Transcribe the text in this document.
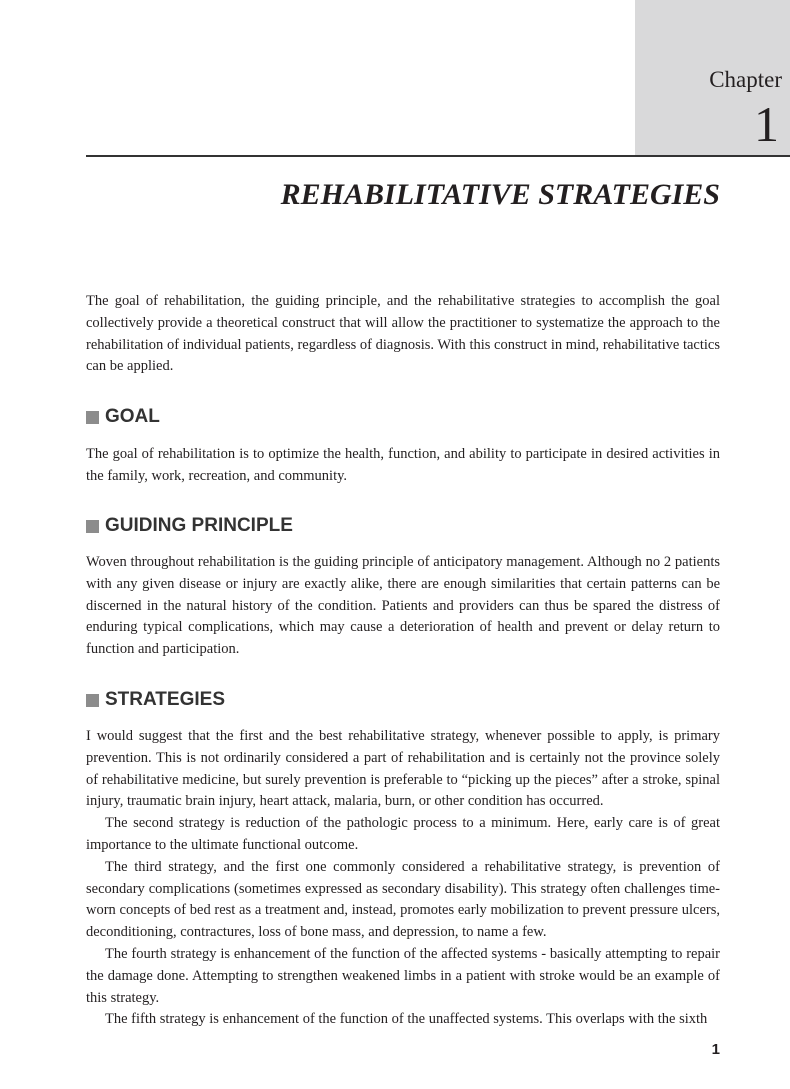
Chapter
1
REHABILITATIVE STRATEGIES

The goal of rehabilitation, the guiding principle, and the rehabilitative strategies to accomplish the goal collectively provide a theoretical construct that will allow the practitioner to systematize the approach to the rehabilitation of individual patients, regardless of diagnosis. With this construct in mind, rehabilitative tactics can be applied.

GOAL

The goal of rehabilitation is to optimize the health, function, and ability to participate in desired activities in the family, work, recreation, and community.

GUIDING PRINCIPLE

Woven throughout rehabilitation is the guiding principle of anticipatory management. Although no 2 patients with any given disease or injury are exactly alike, there are enough similarities that certain patterns can be discerned in the natural history of the condition. Patients and providers can thus be spared the distress of enduring typical complications, which may cause a deterioration of health and prevent or delay return to function and participation.

STRATEGIES

I would suggest that the first and the best rehabilitative strategy, whenever possible to apply, is primary prevention. This is not ordinarily considered a part of rehabilitation and is certainly not the province solely of rehabilitative medicine, but surely prevention is preferable to “picking up the pieces” after a stroke, spinal injury, traumatic brain injury, heart attack, malaria, burn, or other condition has occurred.

The second strategy is reduction of the pathologic process to a minimum. Here, early care is of great importance to the ultimate functional outcome.

The third strategy, and the first one commonly considered a rehabilitative strategy, is prevention of secondary complications (sometimes expressed as secondary disability). This strategy often challenges time-worn concepts of bed rest as a treatment and, instead, promotes early mobilization to prevent pressure ulcers, deconditioning, contractures, loss of bone mass, and depression, to name a few.

The fourth strategy is enhancement of the function of the affected systems - basically attempting to repair the damage done. Attempting to strengthen weakened limbs in a patient with stroke would be an example of this strategy.

The fifth strategy is enhancement of the function of the unaffected systems. This overlaps with the sixth

1
